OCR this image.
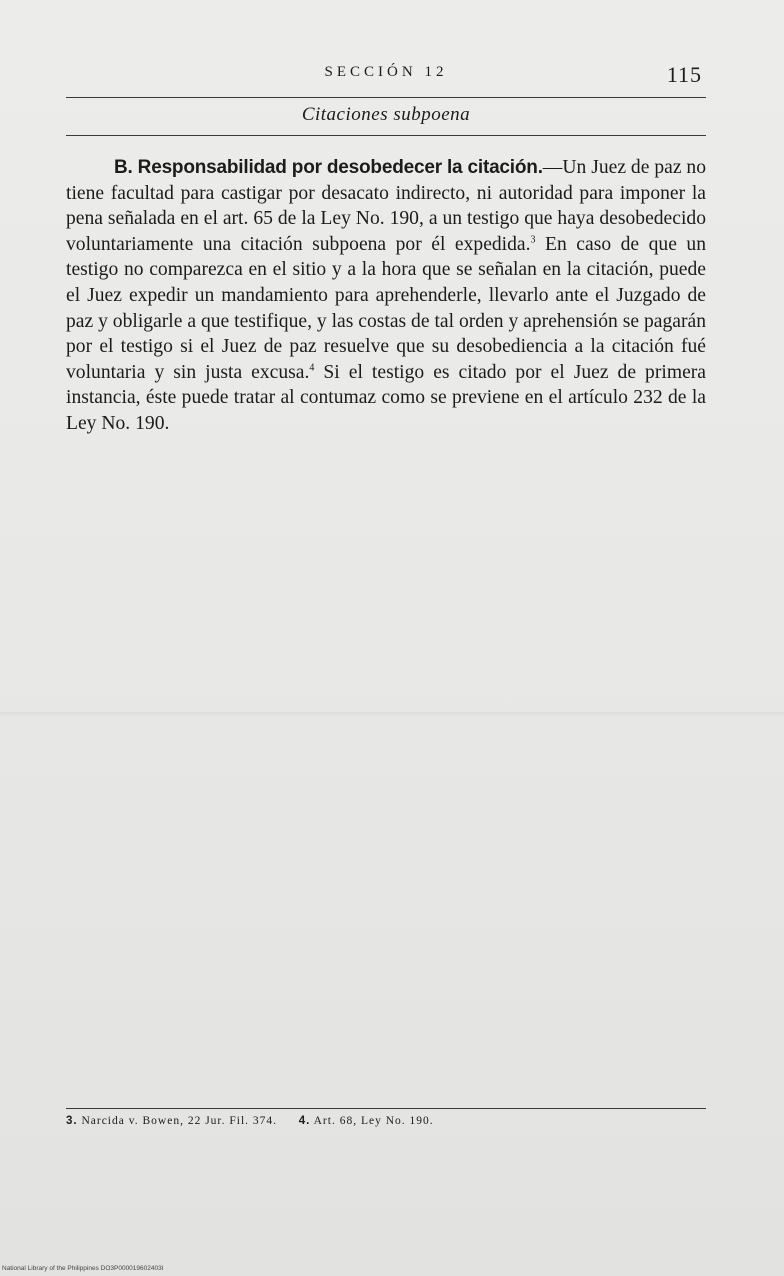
SECCIÓN 12	115
Citaciones subpoena

B. Responsabilidad por desobedecer la citación.—Un Juez de paz no tiene facultad para castigar por desacato indirecto, ni autoridad para imponer la pena señalada en el art. 65 de la Ley No. 190, a un testigo que haya desobedecido voluntariamente una citación subpoena por él expedida.$^3$ En caso de que un testigo no comparezca en el sitio y a la hora que se señalan en la citación, puede el Juez expedir un mandamiento para aprehenderle, llevarlo ante el Juzgado de paz y obligarle a que testifique, y las costas de tal orden y aprehensión se pagarán por el testigo si el Juez de paz resuelve que su desobediencia a la citación fué voluntaria y sin justa excusa.$^4$ Si el testigo es citado por el Juez de primera instancia, éste puede tratar al contumaz como se previene en el artículo 232 de la Ley No. 190.

3. Narcida v. Bowen, 22 Jur. Fil. 374. 4. Art. 68, Ley No. 190.
National Library of the Philippines DO3P000019602403I
